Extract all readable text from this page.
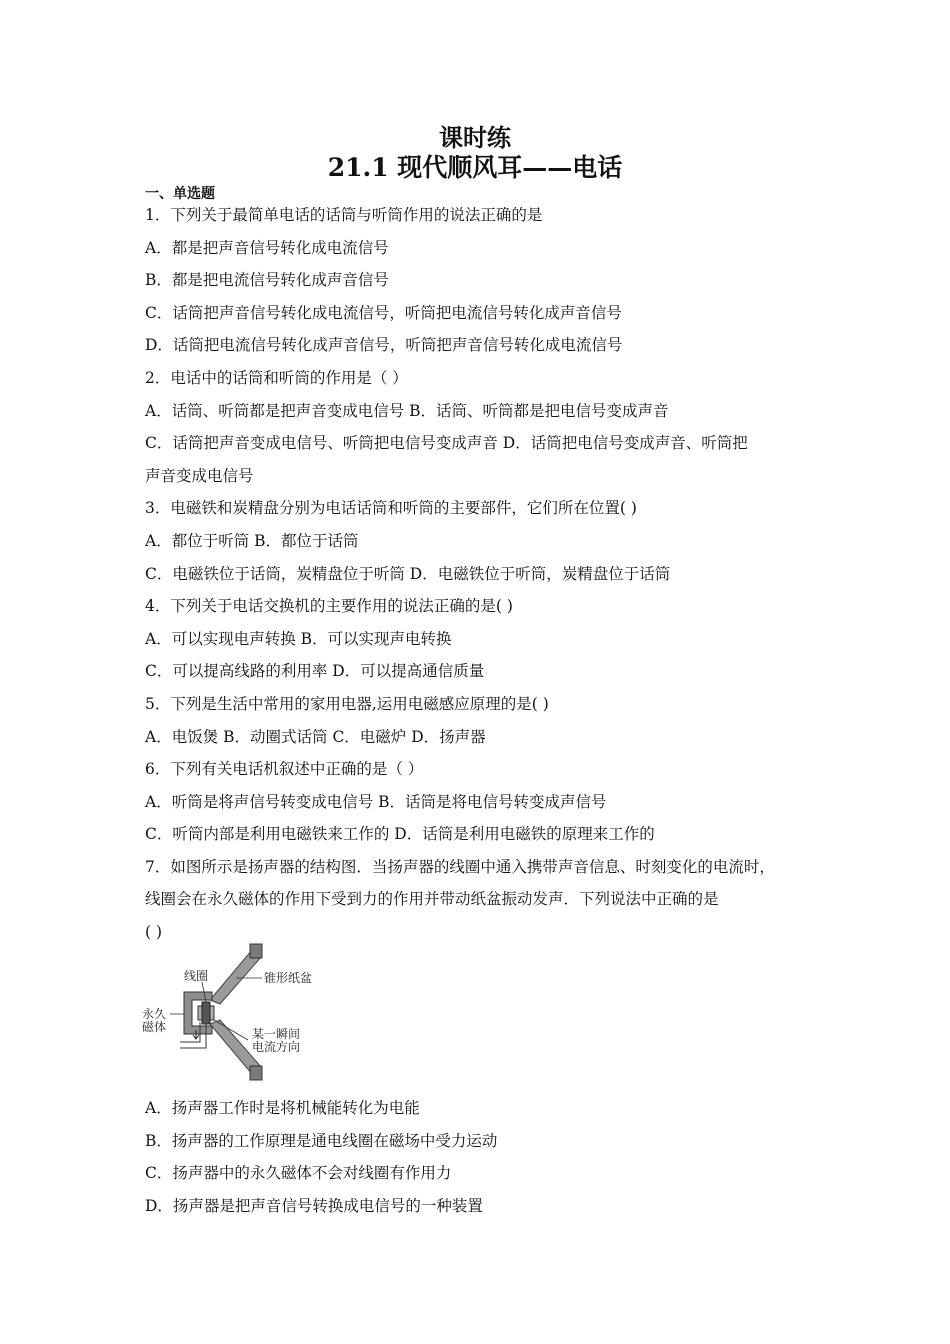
课时练
21.1 现代顺风耳——电话
一、单选题
1．下列关于最简单电话的话筒与听筒作用的说法正确的是
A．都是把声音信号转化成电流信号
B．都是把电流信号转化成声音信号
C．话筒把声音信号转化成电流信号，听筒把电流信号转化成声音信号
D．话筒把电流信号转化成声音信号，听筒把声音信号转化成电流信号
2．电话中的话筒和听筒的作用是（ ）
A．话筒、听筒都是把声音变成电信号 B．话筒、听筒都是把电信号变成声音
C．话筒把声音变成电信号、听筒把电信号变成声音 D．话筒把电信号变成声音、听筒把
声音变成电信号
3．电磁铁和炭精盘分别为电话话筒和听筒的主要部件，它们所在位置( )
A．都位于听筒 B．都位于话筒
C．电磁铁位于话筒，炭精盘位于听筒 D．电磁铁位于听筒，炭精盘位于话筒
4．下列关于电话交换机的主要作用的说法正确的是( )
A．可以实现电声转换 B．可以实现声电转换
C．可以提高线路的利用率 D．可以提高通信质量
5．下列是生活中常用的家用电器,运用电磁感应原理的是( )
A．电饭煲 B．动圈式话筒 C．电磁炉 D．扬声器
6．下列有关电话机叙述中正确的是（ ）
A．听筒是将声信号转变成电信号 B．话筒是将电信号转变成声信号
C．听筒内部是利用电磁铁来工作的 D．话筒是利用电磁铁的原理来工作的
7．如图所示是扬声器的结构图．当扬声器的线圈中通入携带声音信息、时刻变化的电流时，
线圈会在永久磁体的作用下受到力的作用并带动纸盆振动发声．下列说法中正确的是
( )
线圈	锥形纸盆
永久
磁体	某一瞬间
电流方向
A．扬声器工作时是将机械能转化为电能
B．扬声器的工作原理是通电线圈在磁场中受力运动
C．扬声器中的永久磁体不会对线圈有作用力
D．扬声器是把声音信号转换成电信号的一种装置
